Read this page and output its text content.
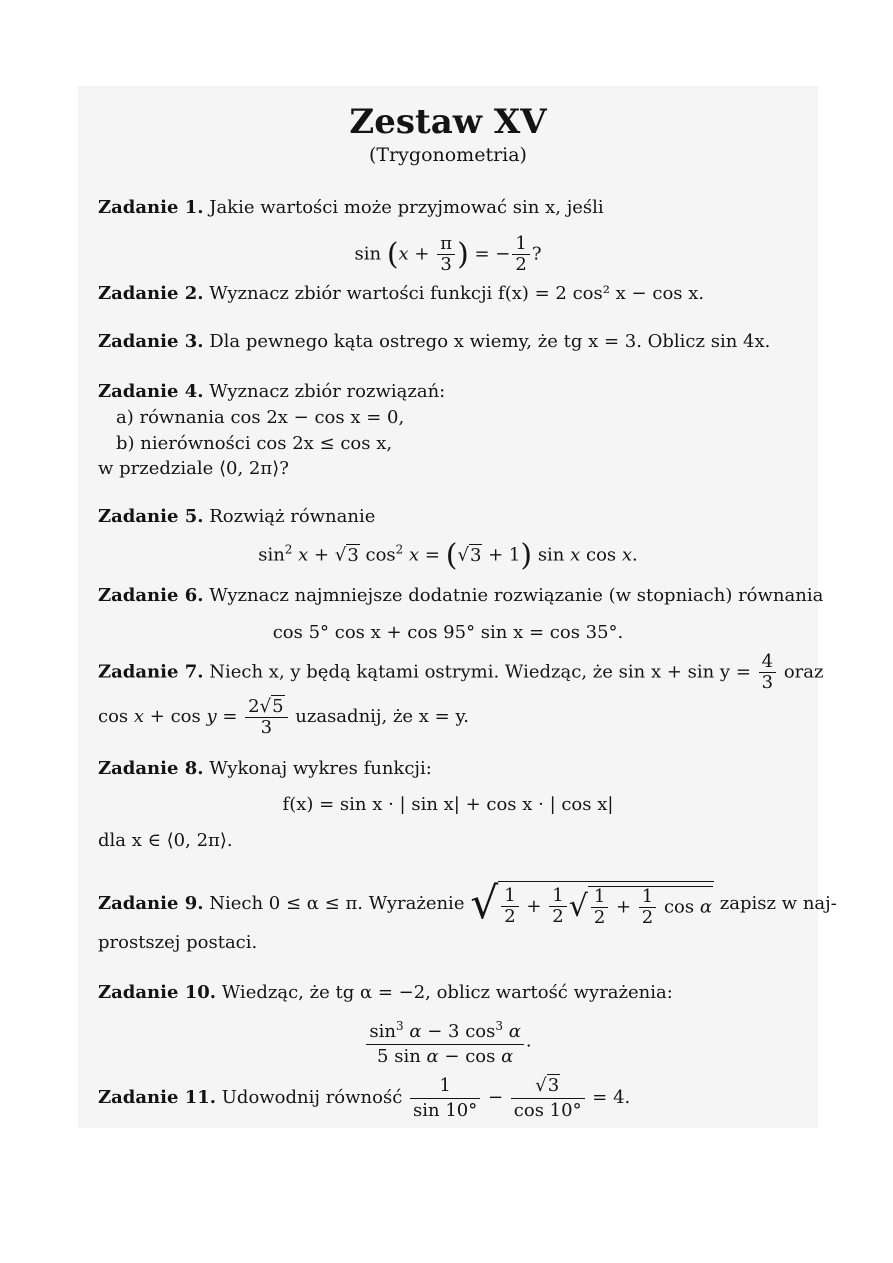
Zestaw XV
(Trygonometria)
Zadanie 1. Jakie wartości może przyjmować sin x, jeśli
$\sin (x + \frac{\pi}{3}$ ) = − $\frac{1}{2}$ ?
Zadanie 2. Wyznacz zbiór wartości funkcji f(x) = 2 cos² x − cos x.
Zadanie 3. Dla pewnego kąta ostrego x wiemy, że tg x = 3. Oblicz sin 4x.
Zadanie 4. Wyznacz zbiór rozwiązań:
a) równania cos 2x − cos x = 0,
b) nierówności cos 2x ≤ cos x,
w przedziale ⟨0, 2π⟩?
Zadanie 5. Rozwiąż równanie
$\sin^2 x + √3$ $\cos^2 x = (√3 + 1)$ sin x cos x.
Zadanie 6. Wyznacz najmniejsze dodatnie rozwiązanie (w stopniach) równania
cos 5° cos x + cos 95° sin x = cos 35°.
Zadanie 7. Niech x, y będą kątami ostrymi. Wiedząc, że $\sin x + \sin y = \frac{4}{3}$ oraz
$\cos x + \cos y = \frac{2√5}{3}$ uzasadnij, że x = y.
Zadanie 8. Wykonaj wykres funkcji:
f(x) = sin x · | sin x| + cos x · | cos x|
dla x ∈ ⟨0, 2π⟩.
Zadanie 9. Niech 0 ≤ α ≤ π. Wyrażenie √ $\frac{1}{2} + \frac{1}{2}$ √ $\frac{1}{2} + \frac{1}{2}$ cos α zapisz w naj-
prostszej postaci.
Zadanie 10. Wiedząc, że tg α = −2, oblicz wartość wyrażenia:
$\frac{\sin^3 \alpha - 3 \cos^3 \alpha}{\text{5 sin α − cos α}}$ .
Zadanie 11. Udowodnij równość $\frac{1}{\sin 10^\circ} - \frac{√3}{\cos 10^\circ} = 4$.
